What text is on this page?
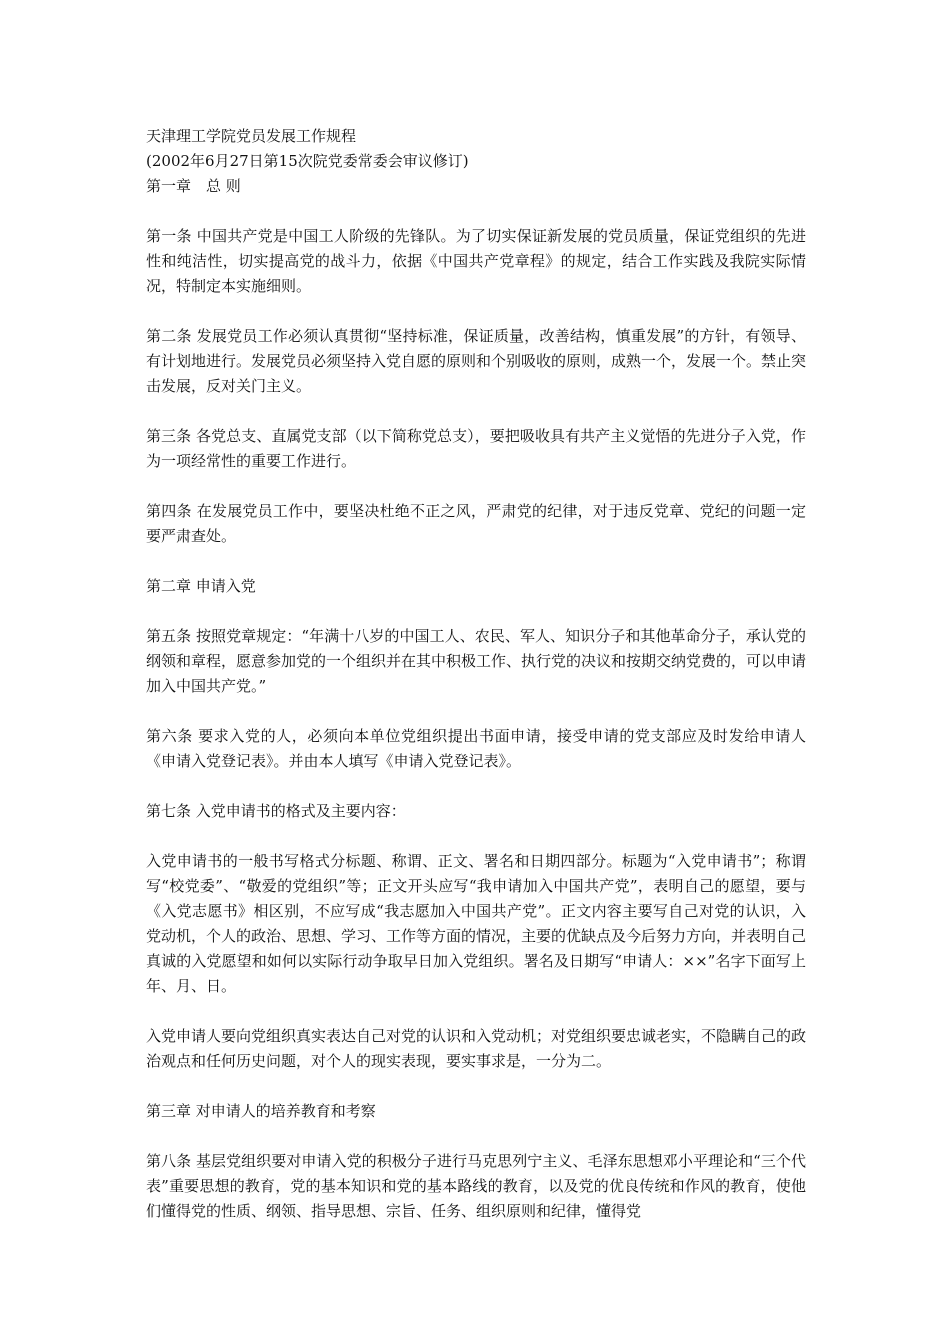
天津理工学院党员发展工作规程

(2002年6月27日第15次院党委常委会审议修订)

第一章　总 则

第一条 中国共产党是中国工人阶级的先锋队。为了切实保证新发展的党员质量，保证党组织的先进性和纯洁性，切实提高党的战斗力，依据《中国共产党章程》的规定，结合工作实践及我院实际情况，特制定本实施细则。

第二条 发展党员工作必须认真贯彻“坚持标准，保证质量，改善结构，慎重发展”的方针，有领导、有计划地进行。发展党员必须坚持入党自愿的原则和个别吸收的原则，成熟一个，发展一个。禁止突击发展，反对关门主义。

第三条 各党总支、直属党支部（以下简称党总支），要把吸收具有共产主义觉悟的先进分子入党，作为一项经常性的重要工作进行。

第四条 在发展党员工作中，要坚决杜绝不正之风，严肃党的纪律，对于违反党章、党纪的问题一定要严肃查处。

第二章 申请入党

第五条 按照党章规定：“年满十八岁的中国工人、农民、军人、知识分子和其他革命分子，承认党的纲领和章程，愿意参加党的一个组织并在其中积极工作、执行党的决议和按期交纳党费的，可以申请加入中国共产党。”

第六条 要求入党的人，必须向本单位党组织提出书面申请，接受申请的党支部应及时发给申请人《申请入党登记表》。并由本人填写《申请入党登记表》。

第七条 入党申请书的格式及主要内容：

入党申请书的一般书写格式分标题、称谓、正文、署名和日期四部分。标题为“入党申请书”；称谓写“校党委”、“敬爱的党组织”等；正文开头应写“我申请加入中国共产党”，表明自己的愿望，要与《入党志愿书》相区别，不应写成“我志愿加入中国共产党”。正文内容主要写自己对党的认识，入党动机，个人的政治、思想、学习、工作等方面的情况，主要的优缺点及今后努力方向，并表明自己真诚的入党愿望和如何以实际行动争取早日加入党组织。署名及日期写“申请人：××”名字下面写上年、月、日。

入党申请人要向党组织真实表达自己对党的认识和入党动机；对党组织要忠诚老实，不隐瞒自己的政治观点和任何历史问题，对个人的现实表现，要实事求是，一分为二。

第三章 对申请人的培养教育和考察

第八条 基层党组织要对申请入党的积极分子进行马克思列宁主义、毛泽东思想邓小平理论和“三个代表”重要思想的教育，党的基本知识和党的基本路线的教育，以及党的优良传统和作风的教育，使他们懂得党的性质、纲领、指导思想、宗旨、任务、组织原则和纪律，懂得党
